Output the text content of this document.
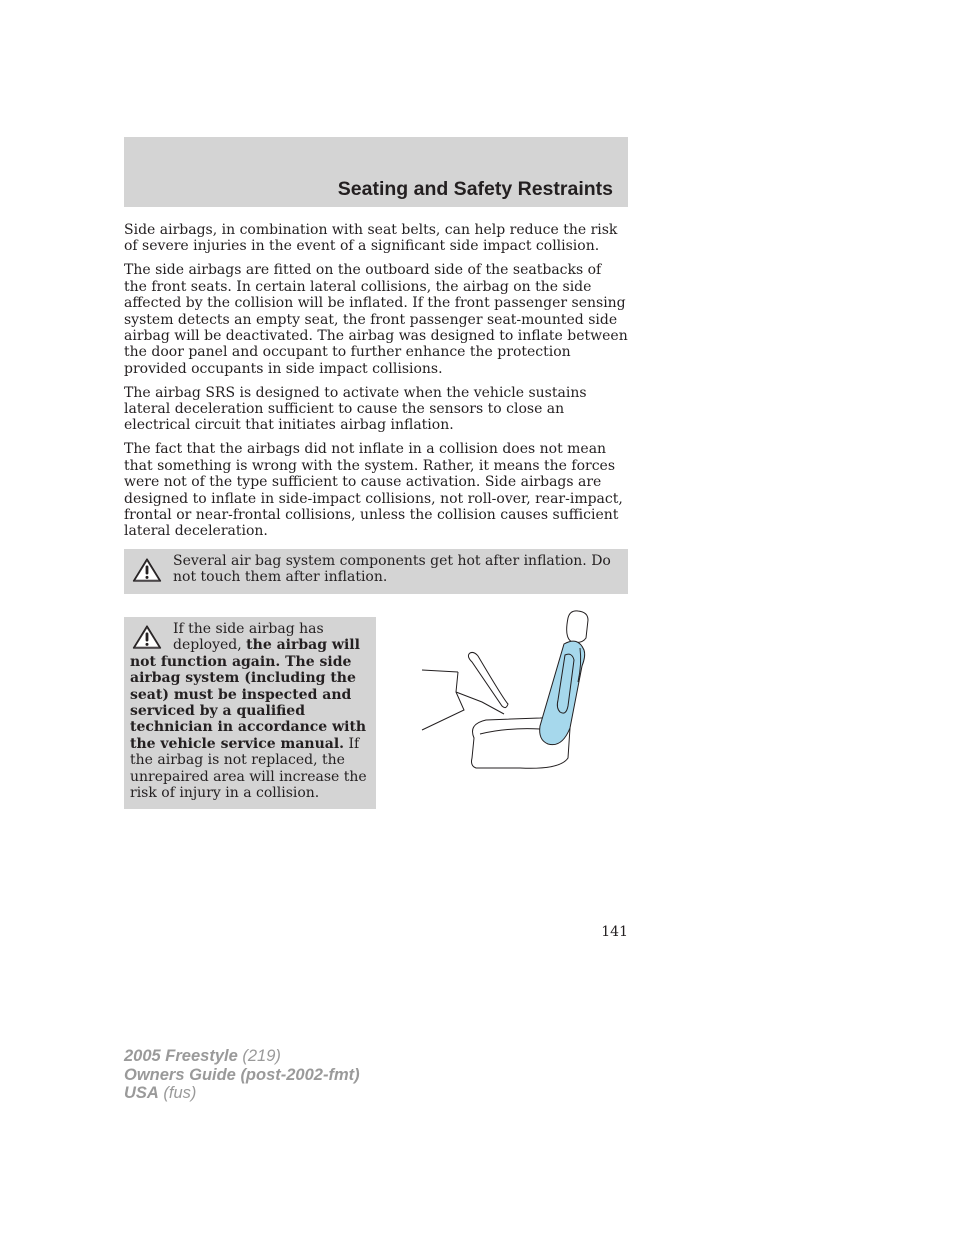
Seating and Safety Restraints

Side airbags, in combination with seat belts, can help reduce the risk of severe injuries in the event of a significant side impact collision.

The side airbags are fitted on the outboard side of the seatbacks of the front seats. In certain lateral collisions, the airbag on the side affected by the collision will be inflated. If the front passenger sensing system detects an empty seat, the front passenger seat-mounted side airbag will be deactivated. The airbag was designed to inflate between the door panel and occupant to further enhance the protection provided occupants in side impact collisions.

The airbag SRS is designed to activate when the vehicle sustains lateral deceleration sufficient to cause the sensors to close an electrical circuit that initiates airbag inflation.

The fact that the airbags did not inflate in a collision does not mean that something is wrong with the system. Rather, it means the forces were not of the type sufficient to cause activation. Side airbags are designed to inflate in side-impact collisions, not roll-over, rear-impact, frontal or near-frontal collisions, unless the collision causes sufficient lateral deceleration.

Several air bag system components get hot after inflation. Do not touch them after inflation.

If the side airbag has deployed, the airbag will not function again. The side airbag system (including the seat) must be inspected and serviced by a qualified technician in accordance with the vehicle service manual. If the airbag is not replaced, the unrepaired area will increase the risk of injury in a collision.

141
2005 Freestyle (219)
Owners Guide (post-2002-fmt)
USA (fus)
